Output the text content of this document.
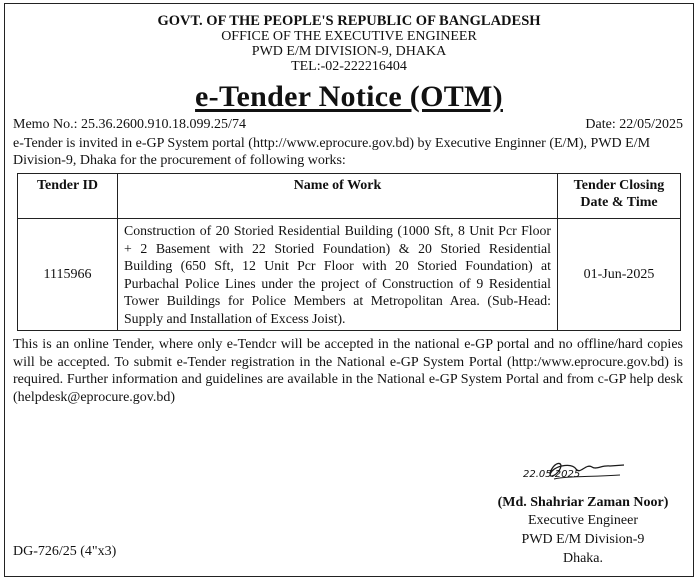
GOVT. OF THE PEOPLE'S REPUBLIC OF BANGLADESH
OFFICE OF THE EXECUTIVE ENGINEER
PWD E/M DIVISION-9, DHAKA
TEL:-02-222216404
e-Tender Notice (OTM)
Memo No.: 25.36.2600.910.18.099.25/74	Date: 22/05/2025
e-Tender is invited in e-GP System portal (http://www.eprocure.gov.bd) by Executive Enginner (E/M), PWD E/M Division-9, Dhaka for the procurement of following works:
Tender ID	Name of Work	Tender Closing
Date & Time
1115966	Construction of 20 Storied Residential Building (1000 Sft, 8 Unit Pcr Floor + 2 Basement with 22 Storied Foundation) & 20 Storied Residential Building (650 Sft, 12 Unit Pcr Floor with 20 Storied Foundation) at Purbachal Police Lines under the project of Construction of 9 Residential Tower Buildings for Police Members at Metropolitan Area. (Sub-Head: Supply and Installation of Excess Joist).	01-Jun-2025
This is an online Tender, where only e-Tendcr will be accepted in the national e-GP portal and no offline/hard copies will be accepted. To submit e-Tender registration in the National e-GP System Portal (http:/www.eprocure.gov.bd) is required. Further information and guidelines are available in the National e-GP System Portal and from c-GP help desk (helpdesk@eprocure.gov.bd)
22.05.2025
(Md. Shahriar Zaman Noor)
Executive Engineer
PWD E/M Division-9
Dhaka.
DG-726/25 (4"x3)
